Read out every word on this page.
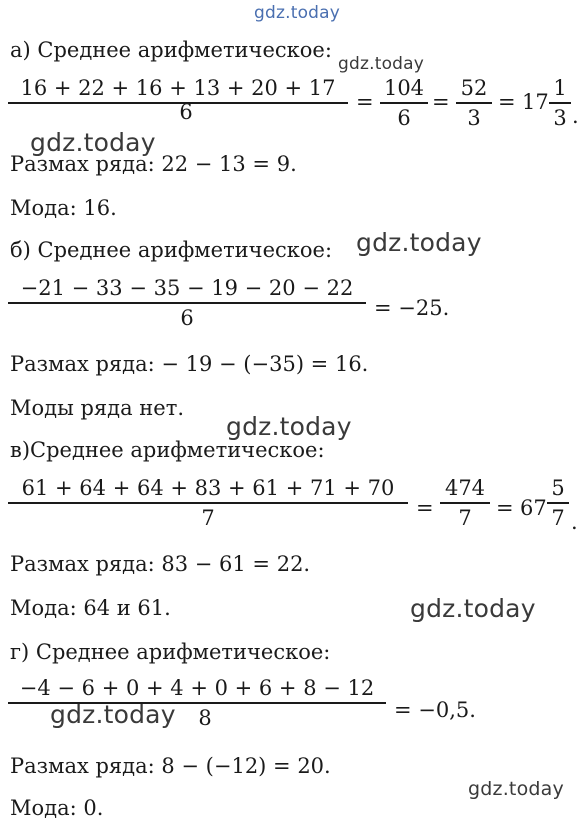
gdz.today
gdz.today
gdz.today
gdz.today
gdz.today
gdz.today
gdz.today
а) Среднее арифметическое:
16 + 22 + 16 + 13 + 20 + 17
6	=
104
6
=
52
3
= 17
1
3 .
Размах ряда: 22 − 13 = 9.
Мода: 16.
б) Среднее арифметическое:
−21 − 33 − 35 − 19 − 20 − 22
6	= −25.
Размах ряда: − 19 − (−35) = 16.
Моды ряда нет.
в)Среднее арифметическое:
61 + 64 + 64 + 83 + 61 + 71 + 70
7	=
474
7 = 67
5
7 .
Размах ряда: 83 − 61 = 22.
Мода: 64 и 61.
г) Среднее арифметическое:
−4 − 6 + 0 + 4 + 0 + 6 + 8 − 12
8	= −0,5.
Размах ряда: 8 − (−12) = 20.
Мода: 0.
gdz.today
